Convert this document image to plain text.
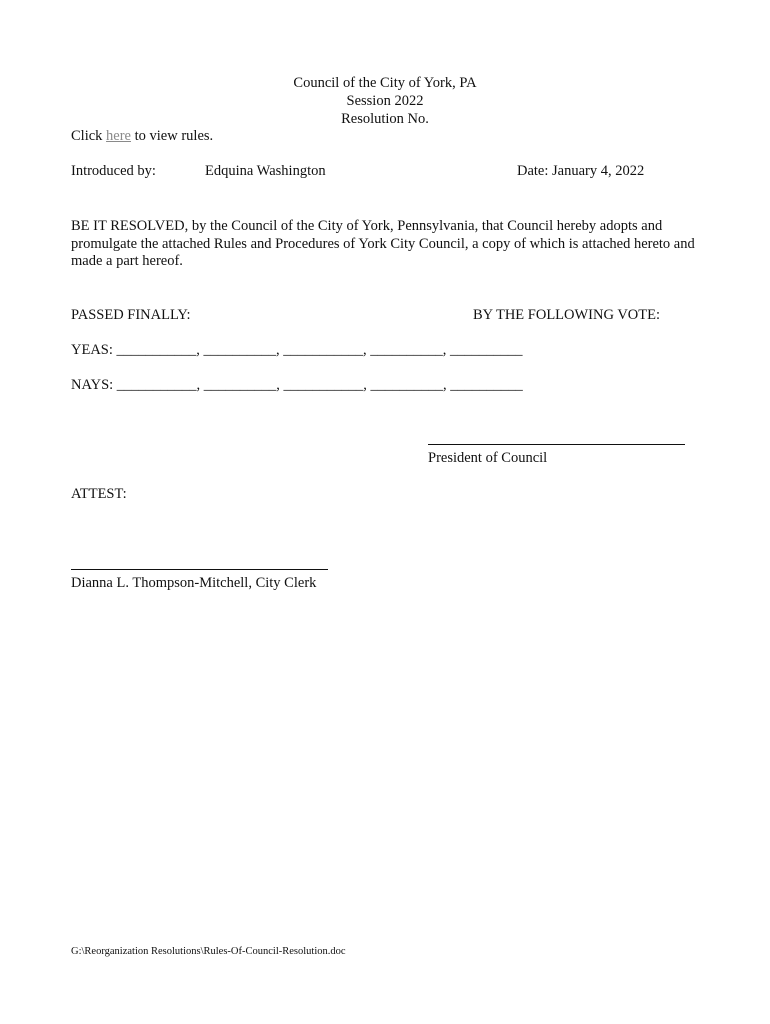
Council of the City of York, PA
Session 2022
Resolution No.
Click here to view rules.
Introduced by:	Edquina Washington	Date: January 4, 2022
BE IT RESOLVED, by the Council of the City of York, Pennsylvania, that Council hereby adopts and promulgate the attached Rules and Procedures of York City Council, a copy of which is attached hereto and made a part hereof.
PASSED FINALLY:	BY THE FOLLOWING VOTE:
YEAS: ___________, __________, ___________, __________, __________
NAYS: ___________, __________, ___________, __________, __________
President of Council
ATTEST:
Dianna L. Thompson-Mitchell, City Clerk
G:\Reorganization Resolutions\Rules-Of-Council-Resolution.doc
